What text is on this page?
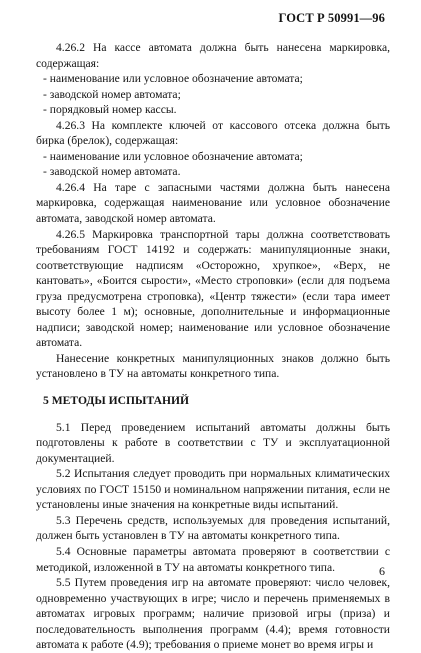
ГОСТ Р 50991—96

4.26.2 На кассе автомата должна быть нанесена маркировка, содержащая:

- наименование или условное обозначение автомата;

- заводской номер автомата;

- порядковый номер кассы.

4.26.3 На комплекте ключей от кассового отсека должна быть бирка (брелок), содержащая:

- наименование или условное обозначение автомата;

- заводской номер автомата.

4.26.4 На таре с запасными частями должна быть нанесена маркировка, содержащая наименование или условное обозначение автомата, заводской номер автомата.

4.26.5 Маркировка транспортной тары должна соответствовать требованиям ГОСТ 14192 и содержать: манипуляционные знаки, соответствующие надписям «Осторожно, хрупкое», «Верх, не кантовать», «Боится сырости», «Место строповки» (если для подъема груза предусмотрена строповка), «Центр тяжести» (если тара имеет высоту более 1 м); основные, дополнительные и информационные надписи; заводской номер; наименование или условное обозначение автомата.

Нанесение конкретных манипуляционных знаков должно быть установлено в ТУ на автоматы конкретного типа.

5 МЕТОДЫ ИСПЫТАНИЙ

5.1 Перед проведением испытаний автоматы должны быть подготовлены к работе в соответствии с ТУ и эксплуатационной документацией.

5.2 Испытания следует проводить при нормальных климатических условиях по ГОСТ 15150 и номинальном напряжении питания, если не установлены иные значения на конкретные виды испытаний.

5.3 Перечень средств, используемых для проведения испытаний, должен быть установлен в ТУ на автоматы конкретного типа.

5.4 Основные параметры автомата проверяют в соответствии с методикой, изложенной в ТУ на автоматы конкретного типа.

5.5 Путем проведения игр на автомате проверяют: число человек, одновременно участвующих в игре; число и перечень применяемых в автоматах игровых программ; наличие призовой игры (приза) и последовательность выполнения программ (4.4); время готовности автомата к работе (4.9); требования о приеме монет во время игры и

6
